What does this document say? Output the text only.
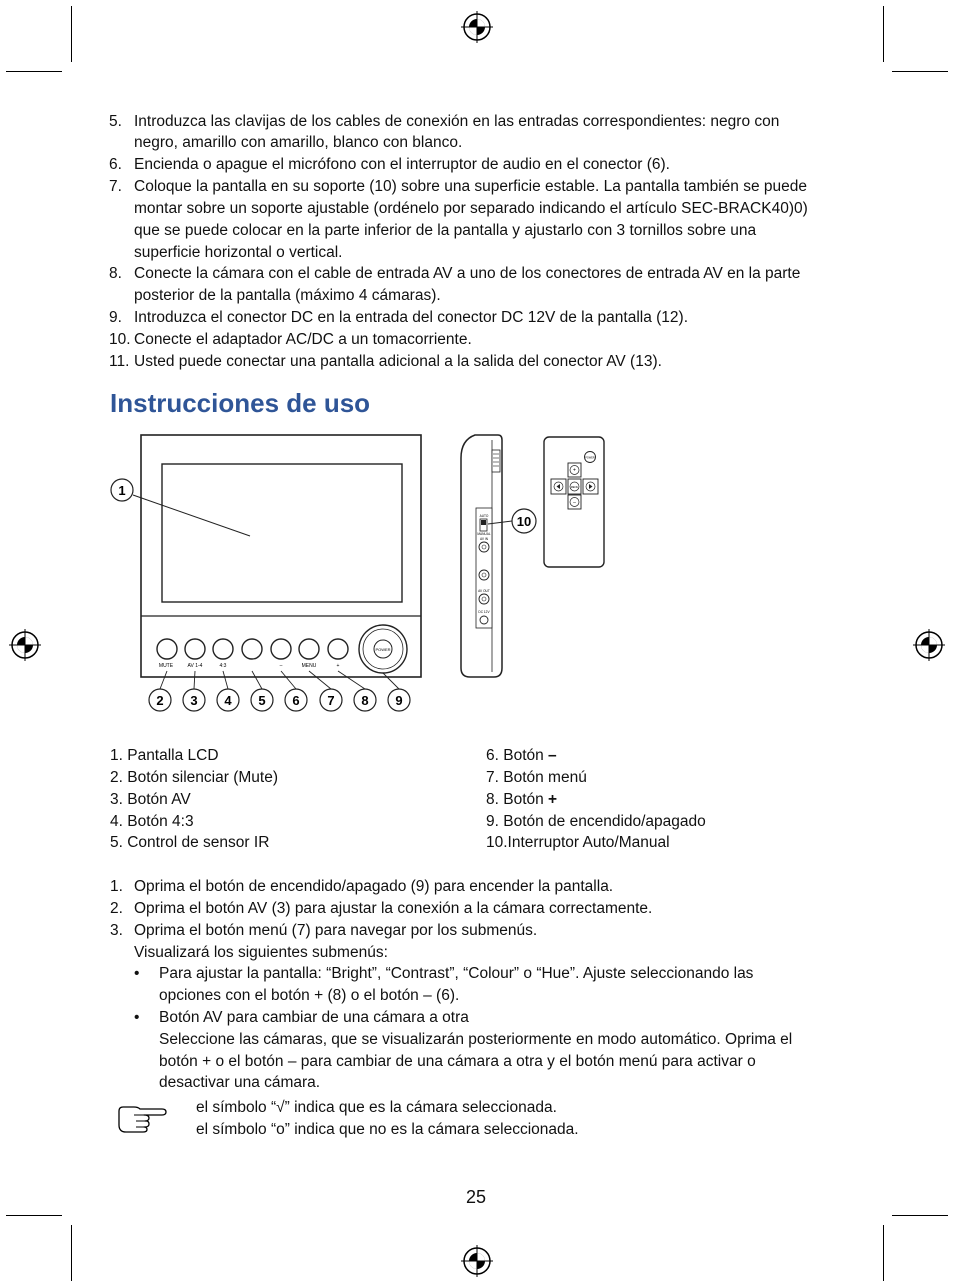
5. Introduzca las clavijas de los cables de conexión en las entradas correspondientes: negro con
negro, amarillo con amarillo, blanco con blanco.
6. Encienda o apague el micrófono con el interruptor de audio en el conector (6).
7. Coloque la pantalla en su soporte (10) sobre una superficie estable. La pantalla también se puede
montar sobre un soporte ajustable (ordénelo por separado indicando el artículo SEC-BRACK40)0)
que se puede colocar en la parte inferior de la pantalla y ajustarlo con 3 tornillos sobre una
superficie horizontal o vertical.
8. Conecte la cámara con el cable de entrada AV a uno de los conectores de entrada AV en la parte
posterior de la pantalla (máximo 4 cámaras).
9. Introduzca el conector DC en la entrada del conector DC 12V de la pantalla (12).
10. Conecte el adaptador AC/DC a un tomacorriente.
11. Usted puede conectar una pantalla adicional a la salida del conector AV (13).
Instrucciones de uso
POWER
MUTE	AV 1-4	4:3	–	MENU	+
1
2 3 4 5 6 7 8 9
AUTO
MANUAL
AV IN
AV OUT
DC 12V
10
POWER
+
MENU
–
1. Pantalla LCD
2. Botón silenciar (Mute)
3. Botón AV
4. Botón 4:3
5. Control de sensor IR
6. Botón –
7. Botón menú
8. Botón +
9. Botón de encendido/apagado
10.Interruptor Auto/Manual
1. Oprima el botón de encendido/apagado (9) para encender la pantalla.
2. Oprima el botón AV (3) para ajustar la conexión a la cámara correctamente.
3. Oprima el botón menú (7) para navegar por los submenús.
Visualizará los siguientes submenús:
• Para ajustar la pantalla: “Bright”, “Contrast”, “Colour” o “Hue”. Ajuste seleccionando las
opciones con el botón + (8) o el botón – (6).
• Botón AV para cambiar de una cámara a otra
Seleccione las cámaras, que se visualizarán posteriormente en modo automático. Oprima el
botón + o el botón – para cambiar de una cámara a otra y el botón menú para activar o
desactivar una cámara.
el símbolo “√” indica que es la cámara seleccionada.
el símbolo “ο” indica que no es la cámara seleccionada.
25
